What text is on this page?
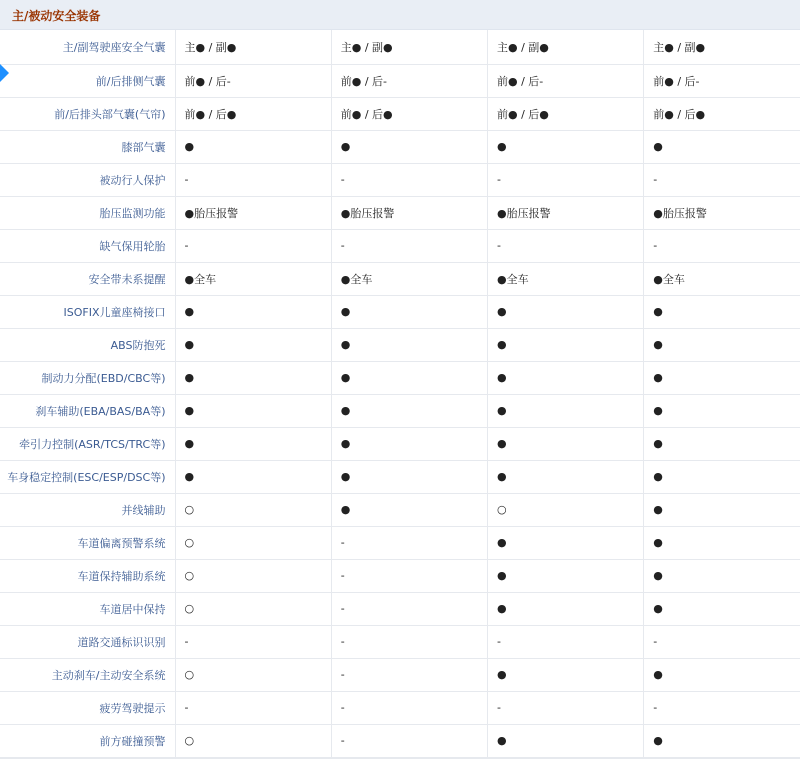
主/被动安全装备
主/副驾驶座安全气囊	主● / 副●	主● / 副●	主● / 副●	主● / 副●
前/后排侧气囊	前● / 后-	前● / 后-	前● / 后-	前● / 后-
前/后排头部气囊(气帘)	前● / 后●	前● / 后●	前● / 后●	前● / 后●
膝部气囊	●	●	●	●
被动行人保护	-	-	-	-
胎压监测功能	●胎压报警	●胎压报警	●胎压报警	●胎压报警
缺气保用轮胎	-	-	-	-
安全带未系提醒	●全车	●全车	●全车	●全车
ISOFIX儿童座椅接口	●	●	●	●
ABS防抱死	●	●	●	●
制动力分配(EBD/CBC等)	●	●	●	●
刹车辅助(EBA/BAS/BA等)	●	●	●	●
牵引力控制(ASR/TCS/TRC等)	●	●	●	●
车身稳定控制(ESC/ESP/DSC等)	●	●	●	●
并线辅助	○	●	○	●
车道偏离预警系统	○	-	●	●
车道保持辅助系统	○	-	●	●
车道居中保持	○	-	●	●
道路交通标识识别	-	-	-	-
主动刹车/主动安全系统	○	-	●	●
疲劳驾驶提示	-	-	-	-
前方碰撞预警	○	-	●	●
